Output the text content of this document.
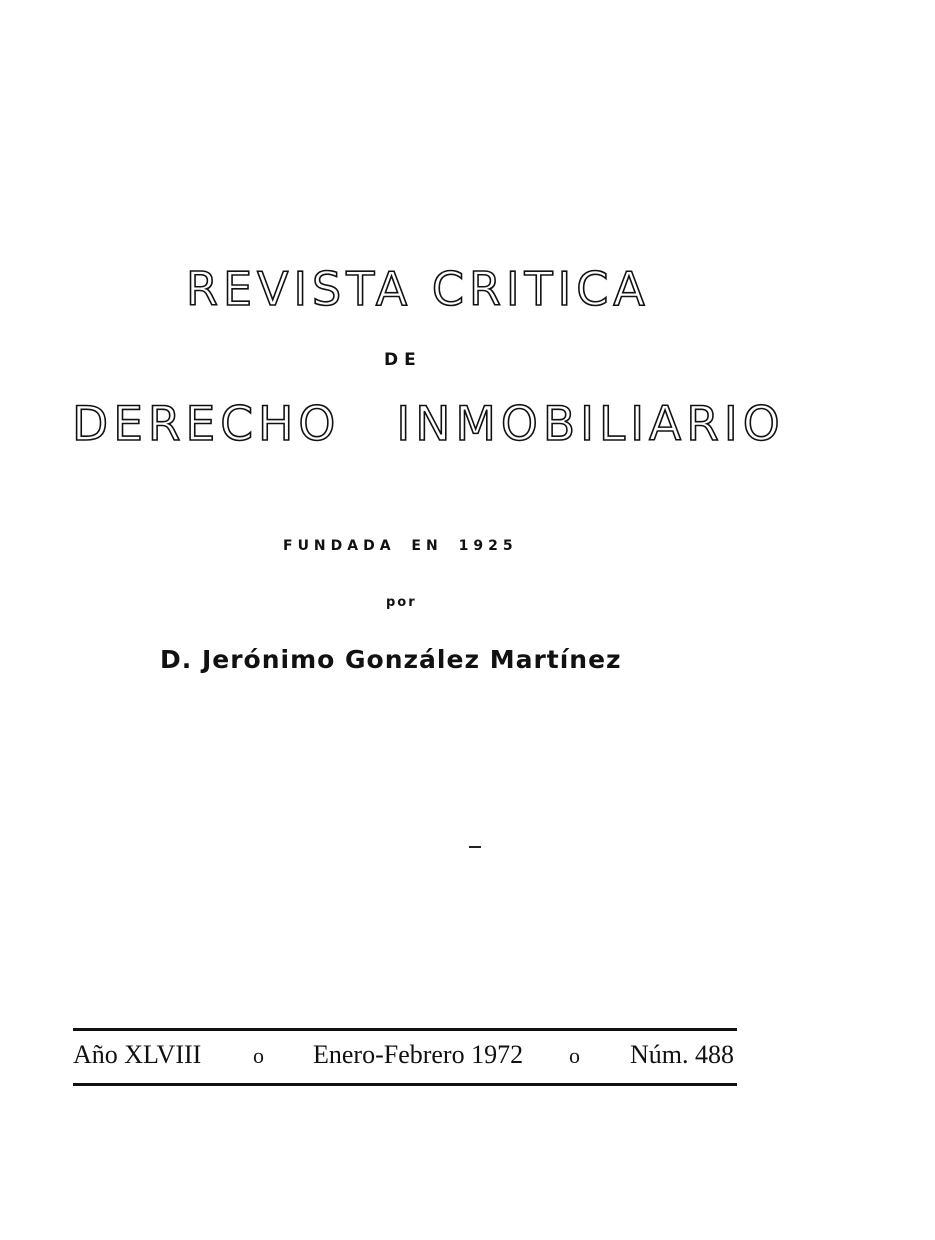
REVISTA CRITICA
DE
DERECHO INMOBILIARIO
FUNDADA EN 1925
por
D. Jerónimo González Martínez
Año XLVIII o Enero-Febrero 1972 o Núm. 488
